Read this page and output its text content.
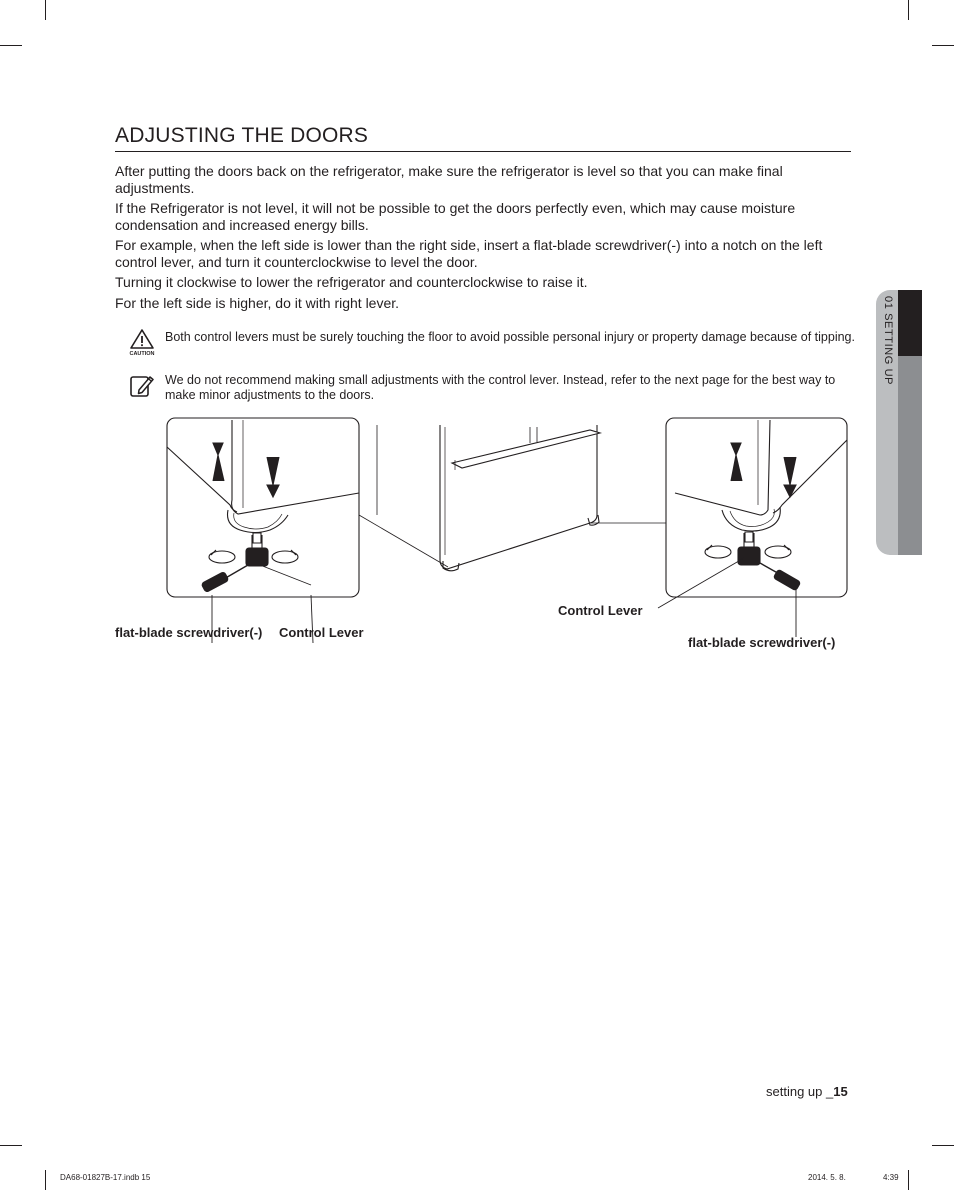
ADJUSTING THE DOORS

After putting the doors back on the refrigerator, make sure the refrigerator is level so that you can make final adjustments.

If the Refrigerator is not level, it will not be possible to get the doors perfectly even, which may cause moisture condensation and increased energy bills.

For example, when the left side is lower than the right side, insert a flat-blade screwdriver(-) into a notch on the left control lever, and turn it counterclockwise to level the door.

Turning it clockwise to lower the refrigerator and counterclockwise to raise it.

For the left side is higher, do it with right lever.

CAUTION

Both control levers must be surely touching the floor to avoid possible personal injury or property damage because of tipping.

We do not recommend making small adjustments with the control lever. Instead, refer to the next page for the best way to make minor adjustments to the doors.

flat-blade screwdriver(-) Control Lever
Control Lever
flat-blade screwdriver(-)
01 SETTING UP
setting up _15
DA68-01827B-17.indb 15	2014. 5. 8.	4:39
